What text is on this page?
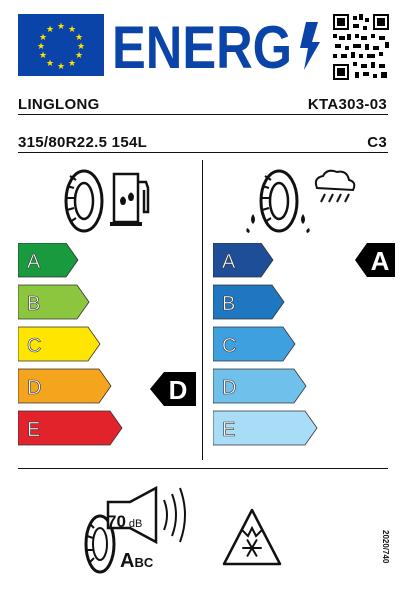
★ ★
★
★
★
★
★
★
★
★
★
★ ENERG
LINGLONG	KTA303-03
315/80R22.5 154L	C3
A
B
C
D
E
D
A
B
C
D
E
A
70 dB
A BC	2020/740
